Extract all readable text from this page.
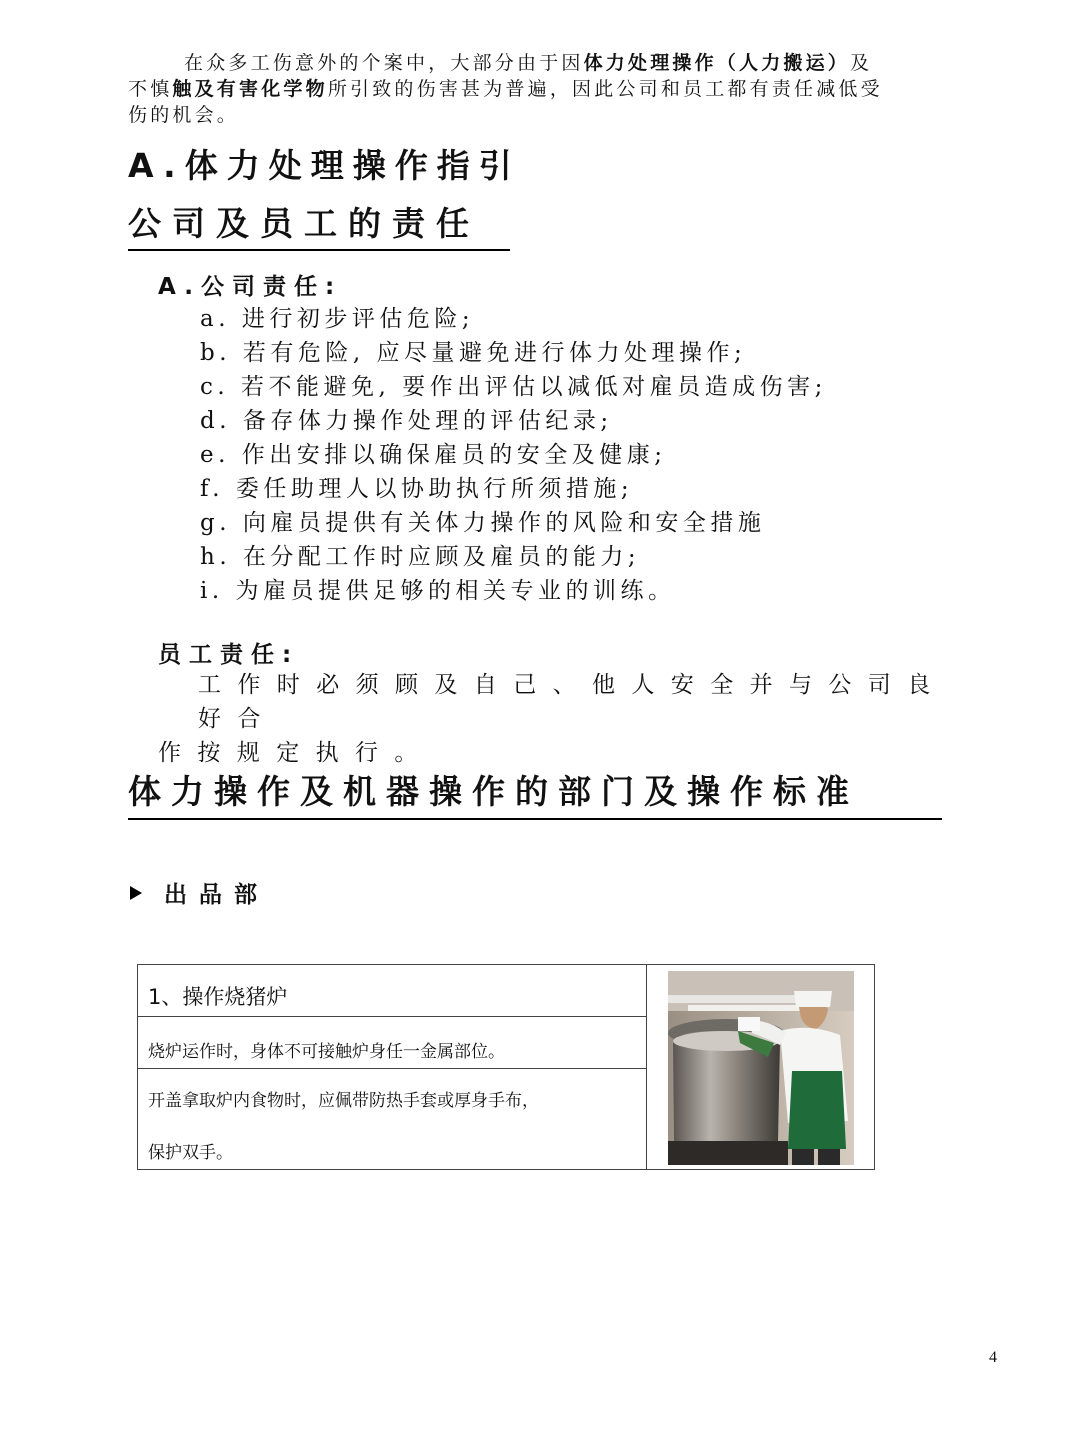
在众多工伤意外的个案中，大部分由于因体力处理操作（人力搬运）及
不慎触及有害化学物所引致的伤害甚为普遍，因此公司和员工都有责任减低受
伤的机会。
A.体力处理操作指引
公司及员工的责任
A.公司责任:
a. 进行初步评估危险;
b. 若有危险, 应尽量避免进行体力处理操作;
c. 若不能避免, 要作出评估以减低对雇员造成伤害;
d. 备存体力操作处理的评估纪录;
e. 作出安排以确保雇员的安全及健康;
f. 委任助理人以协助执行所须措施;
g. 向雇员提供有关体力操作的风险和安全措施
h. 在分配工作时应顾及雇员的能力;
i. 为雇员提供足够的相关专业的训练。
员工责任:
工作时必须顾及自己、他人安全并与公司良好合
作按规定执行。
体力操作及机器操作的部门及操作标准
出品部
1、操作烧猪炉
烧炉运作时，身体不可接触炉身任一金属部位。
开盖拿取炉内食物时，应佩带防热手套或厚身手布，
保护双手。
4
